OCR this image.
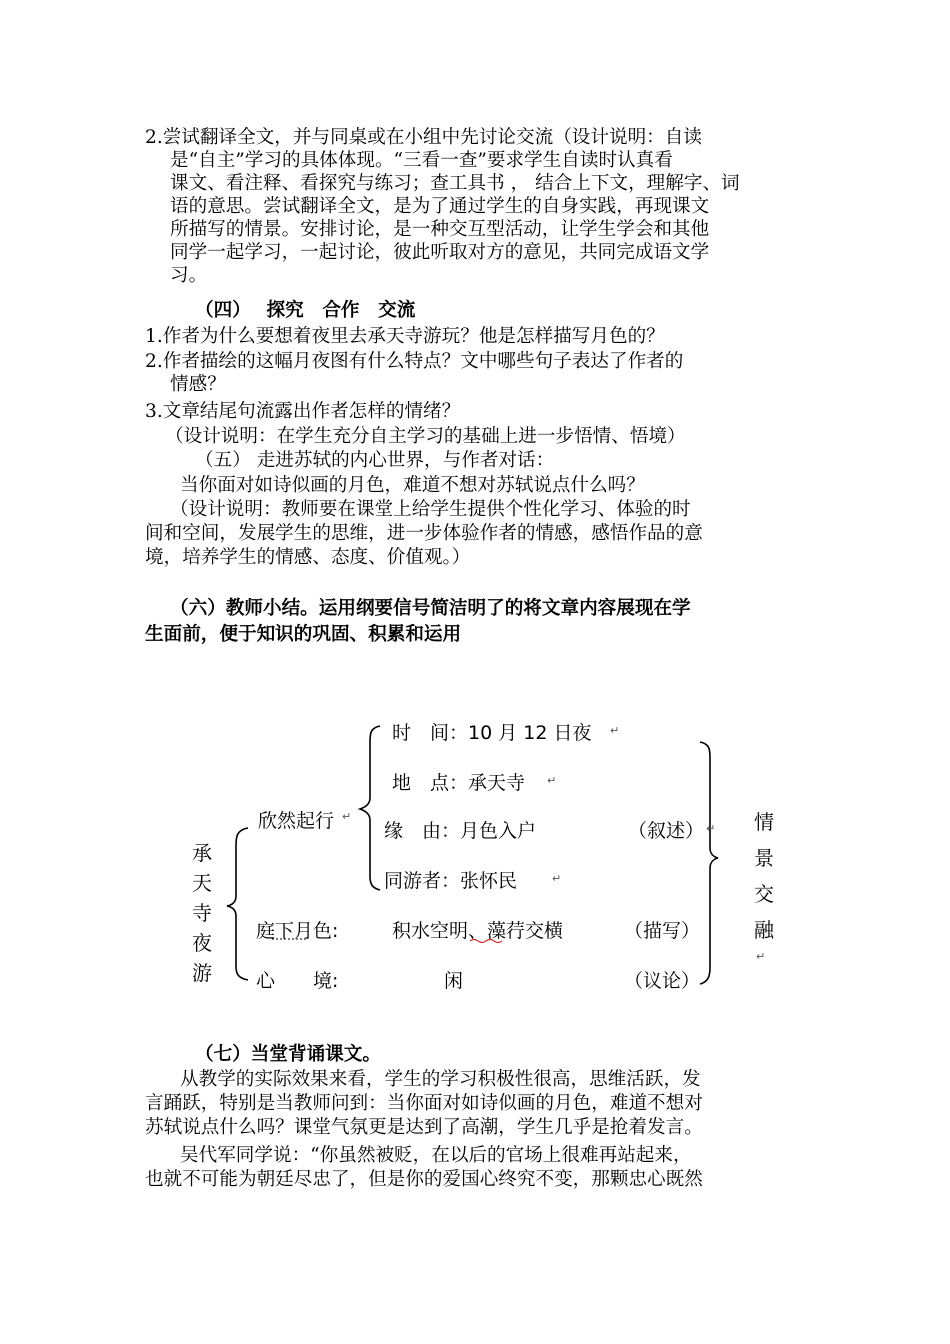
2.尝试翻译全文，并与同桌或在小组中先讨论交流（设计说明：自读
是“自主”学习的具体体现。“三看一查”要求学生自读时认真看
课文、看注释、看探究与练习；查工具书 ， 结合上下文，理解字、词
语的意思。尝试翻译全文，是为了通过学生的自身实践，再现课文
所描写的情景。安排讨论，是一种交互型活动，让学生学会和其他
同学一起学习，一起讨论，彼此听取对方的意见，共同完成语文学
习。
（四）　 探究　合作　交流
1.作者为什么要想着夜里去承天寺游玩？他是怎样描写月色的？
2.作者描绘的这幅月夜图有什么特点？文中哪些句子表达了作者的
情感？
3.文章结尾句流露出作者怎样的情绪？
（设计说明：在学生充分自主学习的基础上进一步悟情、悟境）
（五） 走进苏轼的内心世界，与作者对话：
当你面对如诗似画的月色，难道不想对苏轼说点什么吗？
（设计说明：教师要在课堂上给学生提供个性化学习、体验的时
间和空间，发展学生的思维，进一步体验作者的情感，感悟作品的意
境，培养学生的情感、态度、价值观。）
（六）教师小结。运用纲要信号简洁明了的将文章内容展现在学
生面前，便于知识的巩固、积累和运用
承
天
寺
夜
游
欣然起行 ↵
时　间：10 月 12 日夜 ↵
地　点：承天寺 ↵
缘　由：月色入户	（叙述） ↵
同游者：张怀民	↵
庭下月色:	积水空明、藻荇交横	（描写）
心　　境:	闲	（议论）
情
景
交
融
↵
（七）当堂背诵课文。
从教学的实际效果来看，学生的学习积极性很高，思维活跃，发
言踊跃，特别是当教师问到：当你面对如诗似画的月色，难道不想对
苏轼说点什么吗？课堂气氛更是达到了高潮，学生几乎是抢着发言。
吴代军同学说：“你虽然被贬，在以后的官场上很难再站起来，
也就不可能为朝廷尽忠了，但是你的爱国心终究不变，那颗忠心既然
